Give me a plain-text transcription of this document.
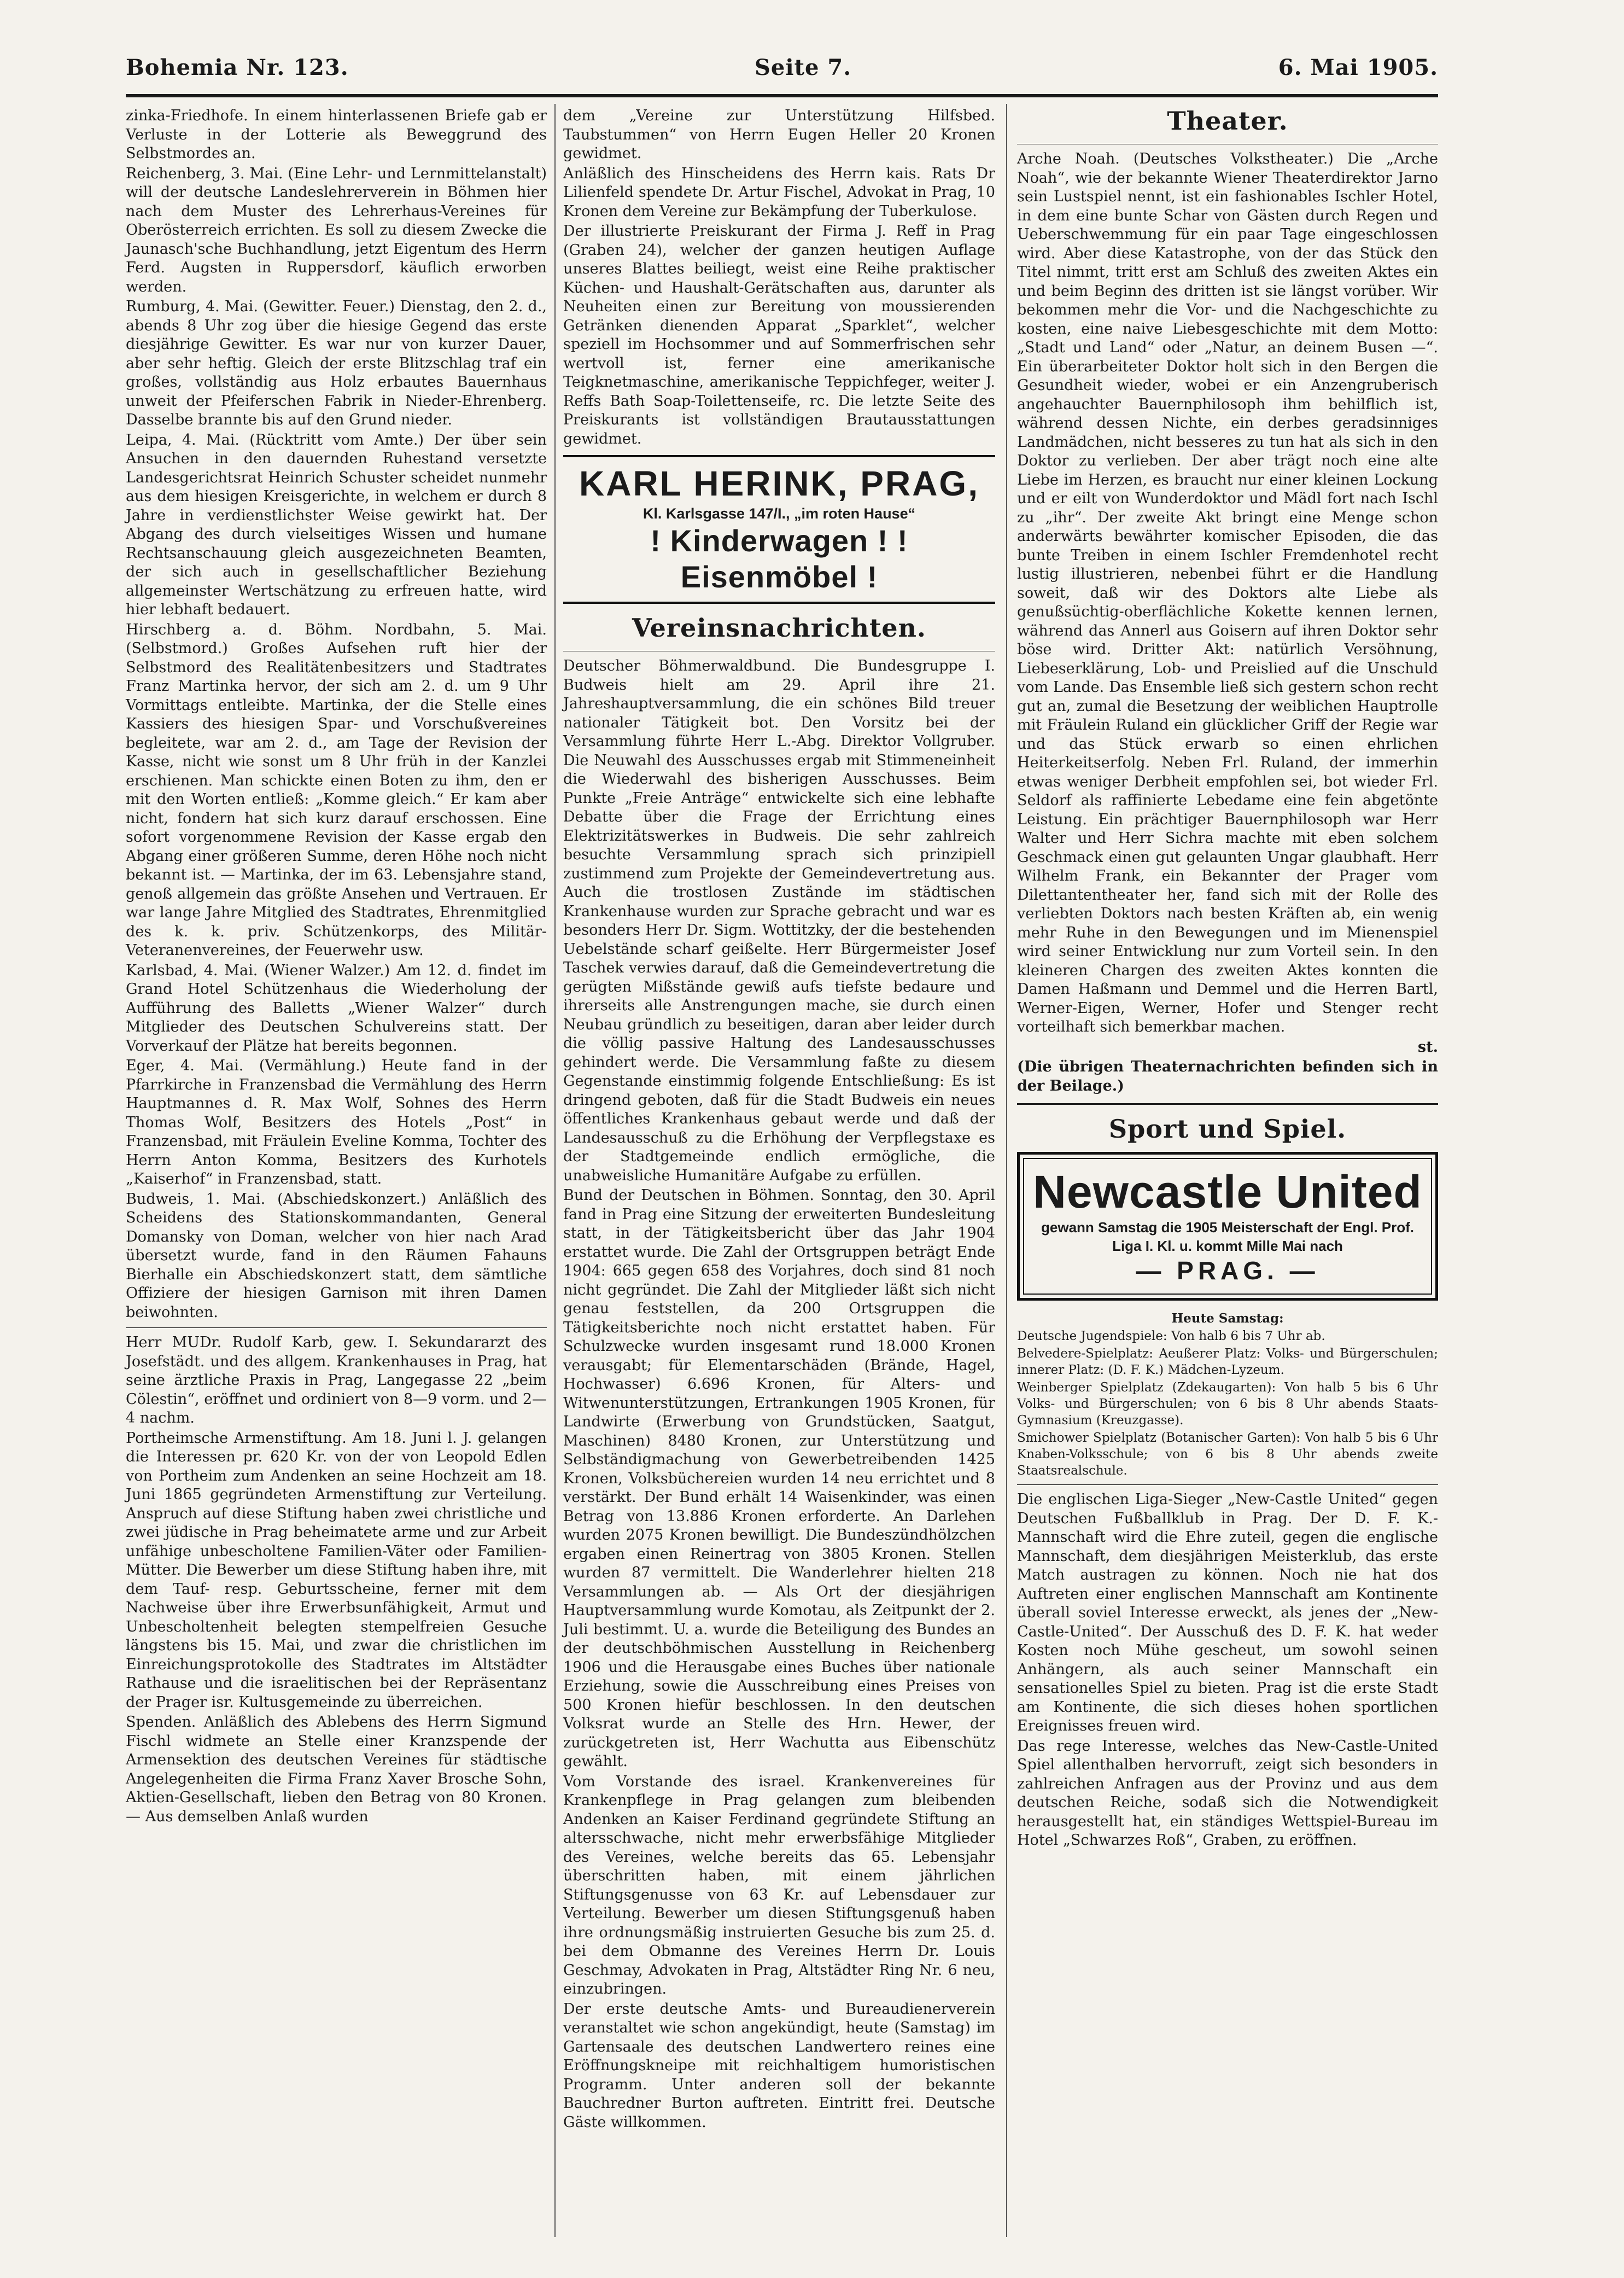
Bohemia Nr. 123.	Seite 7.	6. Mai 1905.

zinka-Friedhofe. In einem hinterlassenen Briefe gab er Verluste in der Lotterie als Beweggrund des Selbstmordes an.

Reichenberg, 3. Mai. (Eine Lehr- und Lernmittelanstalt) will der deutsche Landeslehrerverein in Böhmen hier nach dem Muster des Lehrerhaus-Vereines für Oberösterreich errichten. Es soll zu diesem Zwecke die Jaunasch'sche Buchhandlung, jetzt Eigentum des Herrn Ferd. Augsten in Ruppersdorf, käuflich erworben werden.

Rumburg, 4. Mai. (Gewitter. Feuer.) Dienstag, den 2. d., abends 8 Uhr zog über die hiesige Gegend das erste diesjährige Gewitter. Es war nur von kurzer Dauer, aber sehr heftig. Gleich der erste Blitzschlag traf ein großes, vollständig aus Holz erbautes Bauernhaus unweit der Pfeiferschen Fabrik in Nieder-Ehrenberg. Dasselbe brannte bis auf den Grund nieder.

Leipa, 4. Mai. (Rücktritt vom Amte.) Der über sein Ansuchen in den dauernden Ruhestand versetzte Landesgerichtsrat Heinrich Schuster scheidet nunmehr aus dem hiesigen Kreisgerichte, in welchem er durch 8 Jahre in verdienstlichster Weise gewirkt hat. Der Abgang des durch vielseitiges Wissen und humane Rechtsanschauung gleich ausgezeichneten Beamten, der sich auch in gesellschaftlicher Beziehung allgemeinster Wertschätzung zu erfreuen hatte, wird hier lebhaft bedauert.

Hirschberg a. d. Böhm. Nordbahn, 5. Mai. (Selbstmord.) Großes Aufsehen ruft hier der Selbstmord des Realitätenbesitzers und Stadtrates Franz Martinka hervor, der sich am 2. d. um 9 Uhr Vormittags entleibte. Martinka, der die Stelle eines Kassiers des hiesigen Spar- und Vorschußvereines begleitete, war am 2. d., am Tage der Revision der Kasse, nicht wie sonst um 8 Uhr früh in der Kanzlei erschienen. Man schickte einen Boten zu ihm, den er mit den Worten entließ: „Komme gleich.“ Er kam aber nicht, fondern hat sich kurz darauf erschossen. Eine sofort vorgenommene Revision der Kasse ergab den Abgang einer größeren Summe, deren Höhe noch nicht bekannt ist. — Martinka, der im 63. Lebensjahre stand, genoß allgemein das größte Ansehen und Vertrauen. Er war lange Jahre Mitglied des Stadtrates, Ehrenmitglied des k. k. priv. Schützenkorps, des Militär-Veteranenvereines, der Feuerwehr usw.

Karlsbad, 4. Mai. (Wiener Walzer.) Am 12. d. findet im Grand Hotel Schützenhaus die Wiederholung der Aufführung des Balletts „Wiener Walzer“ durch Mitglieder des Deutschen Schulvereins statt. Der Vorverkauf der Plätze hat bereits begonnen.

Eger, 4. Mai. (Vermählung.) Heute fand in der Pfarrkirche in Franzensbad die Vermählung des Herrn Hauptmannes d. R. Max Wolf, Sohnes des Herrn Thomas Wolf, Besitzers des Hotels „Post“ in Franzensbad, mit Fräulein Eveline Komma, Tochter des Herrn Anton Komma, Besitzers des Kurhotels „Kaiserhof“ in Franzensbad, statt.

Budweis, 1. Mai. (Abschiedskonzert.) Anläßlich des Scheidens des Stationskommandanten, General Domansky von Doman, welcher von hier nach Arad übersetzt wurde, fand in den Räumen Fahauns Bierhalle ein Abschiedskonzert statt, dem sämtliche Offiziere der hiesigen Garnison mit ihren Damen beiwohnten.

Herr MUDr. Rudolf Karb, gew. I. Sekundararzt des Josefstädt. und des allgem. Krankenhauses in Prag, hat seine ärztliche Praxis in Prag, Langegasse 22 „beim Cölestin“, eröffnet und ordiniert von 8—9 vorm. und 2—4 nachm.

Portheimsche Armenstiftung. Am 18. Juni l. J. gelangen die Interessen pr. 620 Kr. von der von Leopold Edlen von Portheim zum Andenken an seine Hochzeit am 18. Juni 1865 gegründeten Armenstiftung zur Verteilung. Anspruch auf diese Stiftung haben zwei christliche und zwei jüdische in Prag beheimatete arme und zur Arbeit unfähige unbescholtene Familien-Väter oder Familien-Mütter. Die Bewerber um diese Stiftung haben ihre, mit dem Tauf- resp. Geburtsscheine, ferner mit dem Nachweise über ihre Erwerbsunfähigkeit, Armut und Unbescholtenheit belegten stempelfreien Gesuche längstens bis 15. Mai, und zwar die christlichen im Einreichungsprotokolle des Stadtrates im Altstädter Rathause und die israelitischen bei der Repräsentanz der Prager isr. Kultusgemeinde zu überreichen.

Spenden. Anläßlich des Ablebens des Herrn Sigmund Fischl widmete an Stelle einer Kranzspende der Armensektion des deutschen Vereines für städtische Angelegenheiten die Firma Franz Xaver Brosche Sohn, Aktien-Gesellschaft, lieben den Betrag von 80 Kronen. — Aus demselben Anlaß wurden

dem „Vereine zur Unterstützung Hilfsbed. Taubstummen“ von Herrn Eugen Heller 20 Kronen gewidmet.

Anläßlich des Hinscheidens des Herrn kais. Rats Dr Lilienfeld spendete Dr. Artur Fischel, Advokat in Prag, 10 Kronen dem Vereine zur Bekämpfung der Tuberkulose.

Der illustrierte Preiskurant der Firma J. Reff in Prag (Graben 24), welcher der ganzen heutigen Auflage unseres Blattes beiliegt, weist eine Reihe praktischer Küchen- und Haushalt-Gerätschaften aus, darunter als Neuheiten einen zur Bereitung von moussierenden Getränken dienenden Apparat „Sparklet“, welcher speziell im Hochsommer und auf Sommerfrischen sehr wertvoll ist, ferner eine amerikanische Teigknetmaschine, amerikanische Teppichfeger, weiter J. Reffs Bath Soap-Toilettenseife, rc. Die letzte Seite des Preiskurants ist vollständigen Brautausstattungen gewidmet.

KARL HERINK, PRAG,
Kl. Karlsgasse 147/I., „im roten Hause“
! Kinderwagen ! ! Eisenmöbel !
Vereinsnachrichten.

Deutscher Böhmerwaldbund. Die Bundesgruppe I. Budweis hielt am 29. April ihre 21. Jahreshauptversammlung, die ein schönes Bild treuer nationaler Tätigkeit bot. Den Vorsitz bei der Versammlung führte Herr L.-Abg. Direktor Vollgruber. Die Neuwahl des Ausschusses ergab mit Stimmeneinheit die Wiederwahl des bisherigen Ausschusses. Beim Punkte „Freie Anträge“ entwickelte sich eine lebhafte Debatte über die Frage der Errichtung eines Elektrizitätswerkes in Budweis. Die sehr zahlreich besuchte Versammlung sprach sich prinzipiell zustimmend zum Projekte der Gemeindevertretung aus. Auch die trostlosen Zustände im städtischen Krankenhause wurden zur Sprache gebracht und war es besonders Herr Dr. Sigm. Wottitzky, der die bestehenden Uebelstände scharf geißelte. Herr Bürgermeister Josef Taschek verwies darauf, daß die Gemeindevertretung die gerügten Mißstände gewiß aufs tiefste bedaure und ihrerseits alle Anstrengungen mache, sie durch einen Neubau gründlich zu beseitigen, daran aber leider durch die völlig passive Haltung des Landesausschusses gehindert werde. Die Versammlung faßte zu diesem Gegenstande einstimmig folgende Entschließung: Es ist dringend geboten, daß für die Stadt Budweis ein neues öffentliches Krankenhaus gebaut werde und daß der Landesausschuß zu die Erhöhung der Verpflegstaxe es der Stadtgemeinde endlich ermögliche, die unabweisliche Humanitäre Aufgabe zu erfüllen.

Bund der Deutschen in Böhmen. Sonntag, den 30. April fand in Prag eine Sitzung der erweiterten Bundesleitung statt, in der Tätigkeitsbericht über das Jahr 1904 erstattet wurde. Die Zahl der Ortsgruppen beträgt Ende 1904: 665 gegen 658 des Vorjahres, doch sind 81 noch nicht gegründet. Die Zahl der Mitglieder läßt sich nicht genau feststellen, da 200 Ortsgruppen die Tätigkeitsberichte noch nicht erstattet haben. Für Schulzwecke wurden insgesamt rund 18.000 Kronen verausgabt; für Elementarschäden (Brände, Hagel, Hochwasser) 6.696 Kronen, für Alters- und Witwenunterstützungen, Ertrankungen 1905 Kronen, für Landwirte (Erwerbung von Grundstücken, Saatgut, Maschinen) 8480 Kronen, zur Unterstützung und Selbständigmachung von Gewerbetreibenden 1425 Kronen, Volksbüchereien wurden 14 neu errichtet und 8 verstärkt. Der Bund erhält 14 Waisenkinder, was einen Betrag von 13.886 Kronen erforderte. An Darlehen wurden 2075 Kronen bewilligt. Die Bundeszündhölzchen ergaben einen Reinertrag von 3805 Kronen. Stellen wurden 87 vermittelt. Die Wanderlehrer hielten 218 Versammlungen ab. — Als Ort der diesjährigen Hauptversammlung wurde Komotau, als Zeitpunkt der 2. Juli bestimmt. U. a. wurde die Beteiligung des Bundes an der deutschböhmischen Ausstellung in Reichenberg 1906 und die Herausgabe eines Buches über nationale Erziehung, sowie die Ausschreibung eines Preises von 500 Kronen hiefür beschlossen. In den deutschen Volksrat wurde an Stelle des Hrn. Hewer, der zurückgetreten ist, Herr Wachutta aus Eibenschütz gewählt.

Vom Vorstande des israel. Krankenvereines für Krankenpflege in Prag gelangen zum bleibenden Andenken an Kaiser Ferdinand gegründete Stiftung an altersschwache, nicht mehr erwerbsfähige Mitglieder des Vereines, welche bereits das 65. Lebensjahr überschritten haben, mit einem jährlichen Stiftungsgenusse von 63 Kr. auf Lebensdauer zur Verteilung. Bewerber um diesen Stiftungsgenuß haben ihre ordnungsmäßig instruierten Gesuche bis zum 25. d. bei dem Obmanne des Vereines Herrn Dr. Louis Geschmay, Advokaten in Prag, Altstädter Ring Nr. 6 neu, einzubringen.

Der erste deutsche Amts- und Bureaudienerverein veranstaltet wie schon angekündigt, heute (Samstag) im Gartensaale des deutschen Landwertero reines eine Eröffnungskneipe mit reichhaltigem humoristischen Programm. Unter anderen soll der bekannte Bauchredner Burton auftreten. Eintritt frei. Deutsche Gäste willkommen.

Theater.

Arche Noah. (Deutsches Volkstheater.) Die „Arche Noah“, wie der bekannte Wiener Theaterdirektor Jarno sein Lustspiel nennt, ist ein fashionables Ischler Hotel, in dem eine bunte Schar von Gästen durch Regen und Ueberschwemmung für ein paar Tage eingeschlossen wird. Aber diese Katastrophe, von der das Stück den Titel nimmt, tritt erst am Schluß des zweiten Aktes ein und beim Beginn des dritten ist sie längst vorüber. Wir bekommen mehr die Vor- und die Nachgeschichte zu kosten, eine naive Liebesgeschichte mit dem Motto: „Stadt und Land“ oder „Natur, an deinem Busen —“. Ein überarbeiteter Doktor holt sich in den Bergen die Gesundheit wieder, wobei er ein Anzengruberisch angehauchter Bauernphilosoph ihm behilflich ist, während dessen Nichte, ein derbes geradsinniges Landmädchen, nicht besseres zu tun hat als sich in den Doktor zu verlieben. Der aber trägt noch eine alte Liebe im Herzen, es braucht nur einer kleinen Lockung und er eilt von Wunderdoktor und Mädl fort nach Ischl zu „ihr“. Der zweite Akt bringt eine Menge schon anderwärts bewährter komischer Episoden, die das bunte Treiben in einem Ischler Fremdenhotel recht lustig illustrieren, nebenbei führt er die Handlung soweit, daß wir des Doktors alte Liebe als genußsüchtig-oberflächliche Kokette kennen lernen, während das Annerl aus Goisern auf ihren Doktor sehr böse wird. Dritter Akt: natürlich Versöhnung, Liebeserklärung, Lob- und Preislied auf die Unschuld vom Lande. Das Ensemble ließ sich gestern schon recht gut an, zumal die Besetzung der weiblichen Hauptrolle mit Fräulein Ruland ein glücklicher Griff der Regie war und das Stück erwarb so einen ehrlichen Heiterkeitserfolg. Neben Frl. Ruland, der immerhin etwas weniger Derbheit empfohlen sei, bot wieder Frl. Seldorf als raffinierte Lebedame eine fein abgetönte Leistung. Ein prächtiger Bauernphilosoph war Herr Walter und Herr Sichra machte mit eben solchem Geschmack einen gut gelaunten Ungar glaubhaft. Herr Wilhelm Frank, ein Bekannter der Prager vom Dilettantentheater her, fand sich mit der Rolle des verliebten Doktors nach besten Kräften ab, ein wenig mehr Ruhe in den Bewegungen und im Mienenspiel wird seiner Entwicklung nur zum Vorteil sein. In den kleineren Chargen des zweiten Aktes konnten die Damen Haßmann und Demmel und die Herren Bartl, Werner-Eigen, Werner, Hofer und Stenger recht vorteilhaft sich bemerkbar machen.

st.

(Die übrigen Theaternachrichten befinden sich in der Beilage.)

Sport und Spiel.
Newcastle United
gewann Samstag die 1905 Meisterschaft der Engl. Prof. Liga I. Kl. u. kommt Mille Mai nach
— PRAG. —

Heute Samstag:

Deutsche Jugendspiele: Von halb 6 bis 7 Uhr ab.

Belvedere-Spielplatz: Aeußerer Platz: Volks- und Bürgerschulen; innerer Platz: (D. F. K.) Mädchen-Lyzeum.

Weinberger Spielplatz (Zdekaugarten): Von halb 5 bis 6 Uhr Volks- und Bürgerschulen; von 6 bis 8 Uhr abends Staats-Gymnasium (Kreuzgasse).

Smichower Spielplatz (Botanischer Garten): Von halb 5 bis 6 Uhr Knaben-Volksschule; von 6 bis 8 Uhr abends zweite Staatsrealschule.

Die englischen Liga-Sieger „New-Castle United“ gegen Deutschen Fußballklub in Prag. Der D. F. K.-Mannschaft wird die Ehre zuteil, gegen die englische Mannschaft, dem diesjährigen Meisterklub, das erste Match austragen zu können. Noch nie hat dos Auftreten einer englischen Mannschaft am Kontinente überall soviel Interesse erweckt, als jenes der „New-Castle-United“. Der Ausschuß des D. F. K. hat weder Kosten noch Mühe gescheut, um sowohl seinen Anhängern, als auch seiner Mannschaft ein sensationelles Spiel zu bieten. Prag ist die erste Stadt am Kontinente, die sich dieses hohen sportlichen Ereignisses freuen wird.

Das rege Interesse, welches das New-Castle-United Spiel allenthalben hervorruft, zeigt sich besonders in zahlreichen Anfragen aus der Provinz und aus dem deutschen Reiche, sodaß sich die Notwendigkeit herausgestellt hat, ein ständiges Wettspiel-Bureau im Hotel „Schwarzes Roß“, Graben, zu eröffnen.
